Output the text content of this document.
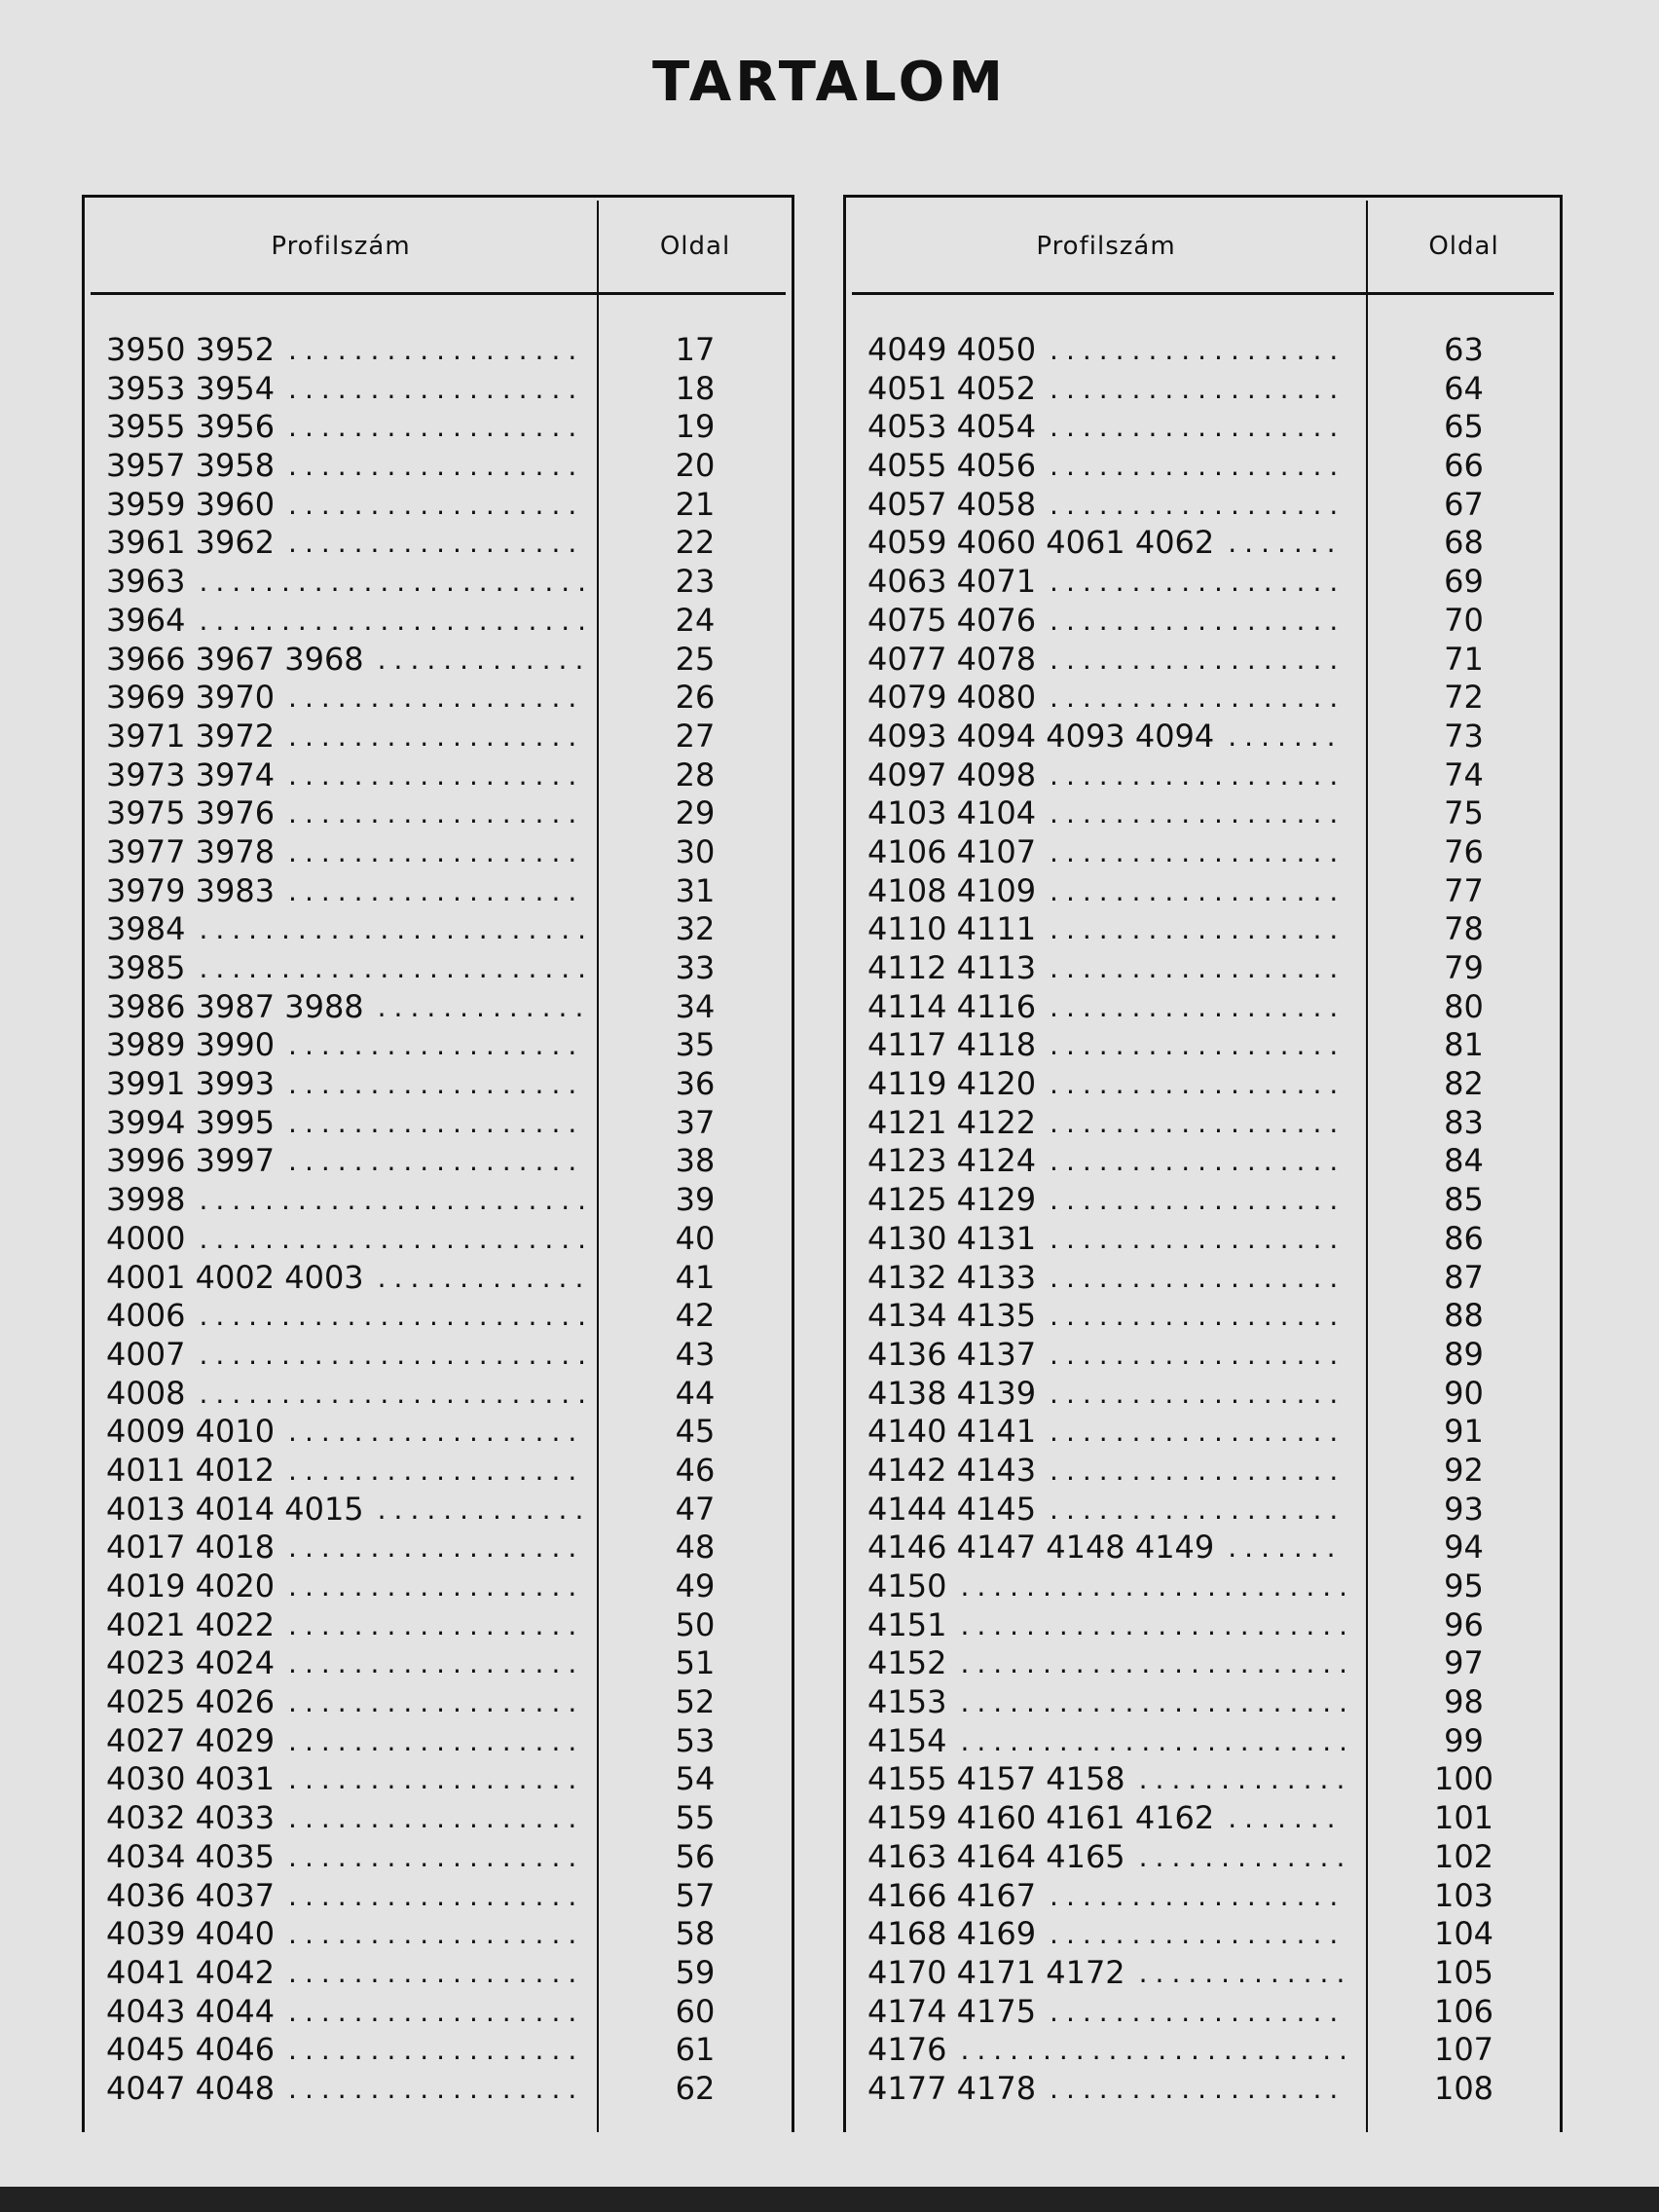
TARTALOM
Profilszám	Oldal
3950 3952 .....	17
3953 3954 .....	18
3955 3956 .....	19
3957 3958 .....	20
3959 3960 .....	21
3961 3962 .....	22
3963 .....	23
3964 .....	24
3966 3967 3968 .....	25
3969 3970 .....	26
3971 3972 .....	27
3973 3974 .....	28
3975 3976 .....	29
3977 3978 .....	30
3979 3983 .....	31
3984 .....	32
3985 .....	33
3986 3987 3988 .....	34
3989 3990 .....	35
3991 3993 .....	36
3994 3995 .....	37
3996 3997 .....	38
3998 .....	39
4000 .....	40
4001 4002 4003 .....	41
4006 .....	42
4007 .....	43
4008 .....	44
4009 4010 .....	45
4011 4012 .....	46
4013 4014 4015 .....	47
4017 4018 .....	48
4019 4020 .....	49
4021 4022 .....	50
4023 4024 .....	51
4025 4026 .....	52
4027 4029 .....	53
4030 4031 .....	54
4032 4033 .....	55
4034 4035 .....	56
4036 4037 .....	57
4039 4040 .....	58
4041 4042 .....	59
4043 4044 .....	60
4045 4046 .....	61
4047 4048 .....	62
Profilszám	Oldal
4049 4050 .....	63
4051 4052 .....	64
4053 4054 .....	65
4055 4056 .....	66
4057 4058 .....	67
4059 4060 4061 4062 .....	68
4063 4071 .....	69
4075 4076 .....	70
4077 4078 .....	71
4079 4080 .....	72
4093 4094 4093 4094 .....	73
4097 4098 .....	74
4103 4104 .....	75
4106 4107 .....	76
4108 4109 .....	77
4110 4111 .....	78
4112 4113 .....	79
4114 4116 .....	80
4117 4118 .....	81
4119 4120 .....	82
4121 4122 .....	83
4123 4124 .....	84
4125 4129 .....	85
4130 4131 .....	86
4132 4133 .....	87
4134 4135 .....	88
4136 4137 .....	89
4138 4139 .....	90
4140 4141 .....	91
4142 4143 .....	92
4144 4145 .....	93
4146 4147 4148 4149 .....	94
4150 .....	95
4151 .....	96
4152 .....	97
4153 .....	98
4154 .....	99
4155 4157 4158 .....	100
4159 4160 4161 4162 .....	101
4163 4164 4165 .....	102
4166 4167 .....	103
4168 4169 .....	104
4170 4171 4172 .....	105
4174 4175 .....	106
4176 .....	107
4177 4178 .....	108
